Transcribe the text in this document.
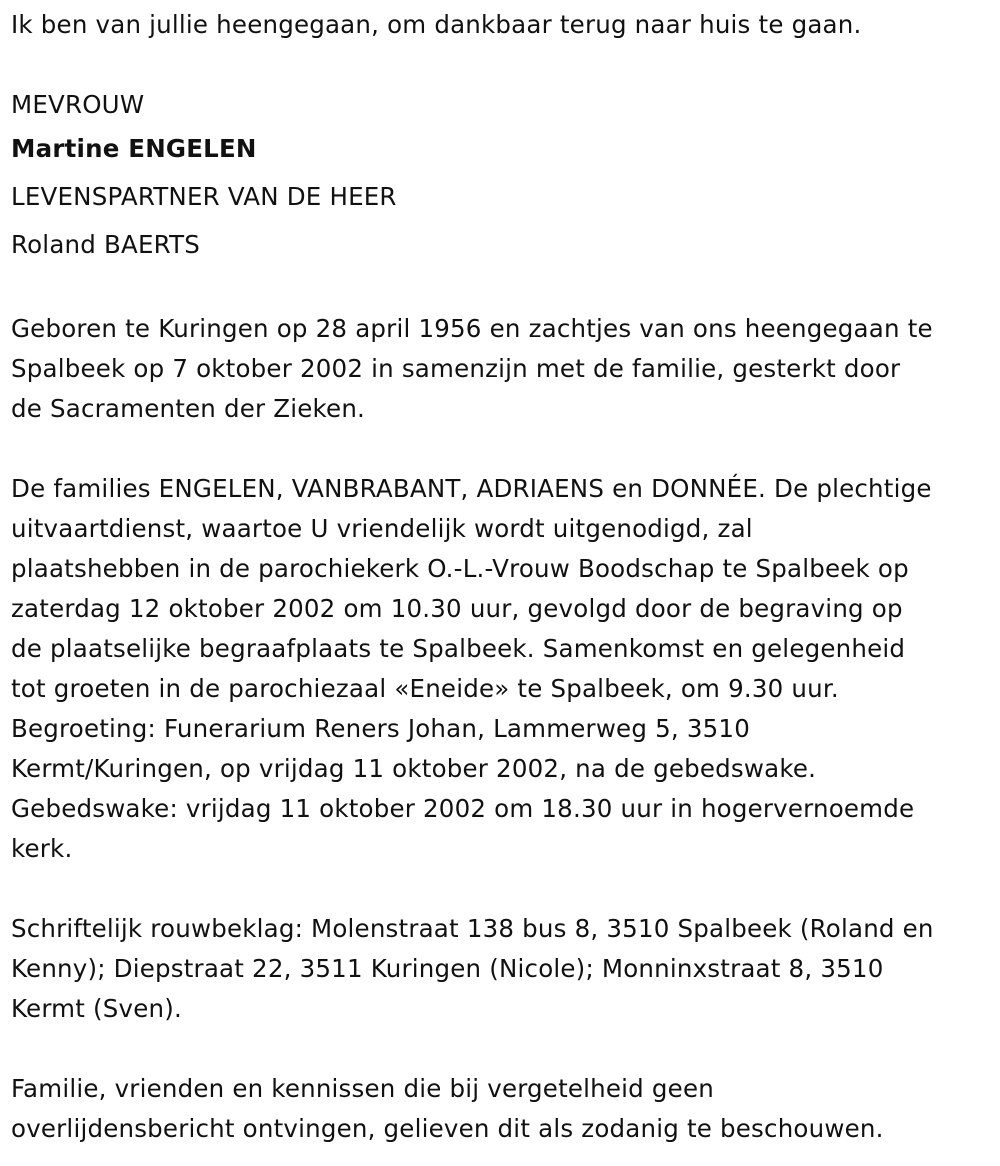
Ik ben van jullie heengegaan, om dankbaar terug naar huis te gaan.

MEVROUW

Martine ENGELEN

LEVENSPARTNER VAN DE HEER

Roland BAERTS

Geboren te Kuringen op 28 april 1956 en zachtjes van ons heengegaan te
Spalbeek op 7 oktober 2002 in samenzijn met de familie, gesterkt door
de Sacramenten der Zieken.
De families ENGELEN, VANBRABANT, ADRIAENS en DONNÉE. De plechtige
uitvaartdienst, waartoe U vriendelijk wordt uitgenodigd, zal
plaatshebben in de parochiekerk O.-L.-Vrouw Boodschap te Spalbeek op
zaterdag 12 oktober 2002 om 10.30 uur, gevolgd door de begraving op
de plaatselijke begraafplaats te Spalbeek. Samenkomst en gelegenheid
tot groeten in de parochiezaal «Eneide» te Spalbeek, om 9.30 uur.
Begroeting: Funerarium Reners Johan, Lammerweg 5, 3510
Kermt/Kuringen, op vrijdag 11 oktober 2002, na de gebedswake.
Gebedswake: vrijdag 11 oktober 2002 om 18.30 uur in hogervernoemde
kerk.
Schriftelijk rouwbeklag: Molenstraat 138 bus 8, 3510 Spalbeek (Roland en
Kenny); Diepstraat 22, 3511 Kuringen (Nicole); Monninxstraat 8, 3510
Kermt (Sven).
Familie, vrienden en kennissen die bij vergetelheid geen
overlijdensbericht ontvingen, gelieven dit als zodanig te beschouwen.
